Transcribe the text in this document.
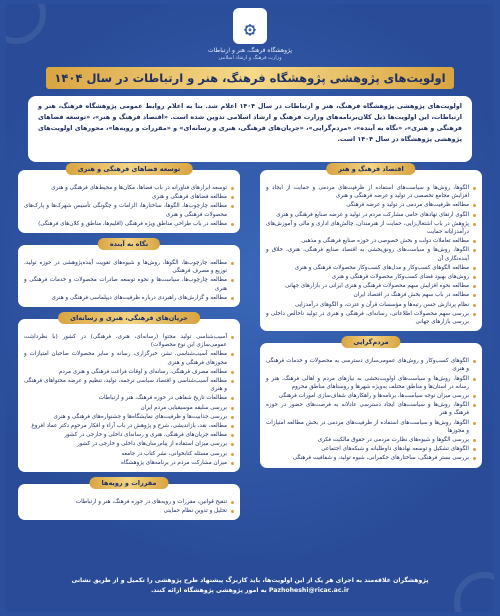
۞
پژوهشگاه فرهنگ، هنر و ارتباطات
وزارت فرهنگ و ارشاد اسلامی
اولویت‌های پژوهشی پژوهشگاه فرهنگ، هنر و ارتباطات در سال ۱۴۰۴
اولویت‌های پژوهشی پژوهشگاه فرهنگ، هنر و ارتباطات در سال ۱۴۰۴ اعلام شد. بنا به اعلام روابط عمومی پژوهشگاه فرهنگ، هنر و ارتباطات، این اولویت‌ها ذیل کلان‌برنامه‌های وزارت فرهنگ و ارشاد اسلامی تدوین شده است. «اقتصاد فرهنگ و هنر»، «توسعه فضاهای فرهنگی و هنری»، «نگاه به آینده»، «مردم‌گرایی»، «جریان‌های فرهنگی، هنری و رسانه‌ای» و «مقررات و رویه‌ها»، محورهای اولویت‌های پژوهشی پژوهشگاه در سال ۱۴۰۴ است.
اقتصاد فرهنگ و هنر
الگوها، روش‌ها و سیاست‌های استفاده از ظرفیت‌های مردمی و حمایت از ایجاد و افزایش مجامع تخصصی در تولید و عرضه فرهنگی و هنری
مطالعه ظرفیت‌های مردمی در تولید و عرضه فرهنگی
الگوی ارتقای نهادهای حامی مشارکت مردم در تولید و عرضه صنایع فرهنگی و هنری
پژوهش در باب اشتغال‌زایی، حمایت از هنرمندان، چالش‌های اداری و مالی و آموزش‌های درآمدزایانه حمایت
مطالعه تعاملات دولت و بخش خصوصی در حوزه صنایع فرهنگی و مذهبی
الگوها، روش‌ها و سیاست‌های رونق‌بخشی به اقتصاد صنایع فرهنگی، هنری، خلاق و آینده‌نگاری آن
مطالعه الگوهای کسب‌وکار و مدل‌های کسب‌وکار محصولات فرهنگی و هنری
روش‌های بهبود فضای کسب‌وکار محصولات فرهنگی و هنری
مطالعه نحوه افزایش سهم محصولات فرهنگی و هنری ایرانی در بازارهای جهانی
مطالعه در باب سهم بخش فرهنگ در اقتصاد ایران
نظام پردازش حسن رتبه‌ها و مؤسسات قرآن و عترت، و الگوهای درآمدزایی
بررسی سهم محصولات اطلاعاتی، رسانه‌ای، فرهنگی و هنری در تولید ناخالص داخلی و بررسی بازارهای جهانی
مردم‌گرایی
الگوهای کسب‌وکار و روش‌های عمومی‌سازی دسترسی به محصولات و خدمات فرهنگی و هنری
الگوها، روش‌ها و سیاست‌های اولویت‌بخشی به نیازهای مردم و اهالی فرهنگ، هنر و رسانه در استان‌ها و مناطق مختلف به‌ویژه شهرها و روستاهای مناطق محروم
بررسی میزان توجه سیاست‌ها، برنامه‌ها و راهکارهای شفاف‌سازی امورات فرهنگی
الگوها، روش‌ها و سیاست‌های ایجاد دسترسی عادلانه به فرصت‌های حضور در حوزه فرهنگ و هنر
الگوها، روش‌ها و سیاست‌های استفاده از ظرفیت‌های مردمی در بخش مطالعه امتیازات و مجوزها
بررسی الگوها و شیوه‌های نظارت مردمی در حقوق مالکیت فکری
الگوهای تشکیل و توسعه نهادهای داوطلبانه و شبکه‌های اجتماعی
بررسی بستر فرهنگی، ساختارهای حکمرانی، شیوه‌ تولید، و شفافیت فرهنگی
توسعه فضاهای فرهنگی و هنری
توسعه ابزارهای فناورانه در باب فضاها، مکان‌ها و محیط‌های فرهنگی و هنری
مطالعه فضاهای فرهنگی و هنری
مطالعه چارچوب‌ها، الگوها، ساختارها، الزامات و چگونگی تأسیس شهرک‌ها و پارک‌های محصولات فرهنگی و هنری
مطالعه در باب طراحی مناطق ویژه فرهنگی (اقلیم‌ها، مناطق و کلان‌های فرهنگی)
نگاه به آینده
مطالعه چارچوب‌ها، الگوها، روش‌ها و شیوه‌های تقویت آینده‌پژوهشی در حوزه تولید، توزیع و مصرف فرهنگی
مطالعه چارچوب‌ها، سیاست‌ها و نحوه توسعه صادرات محصولات و خدمات فرهنگی و هنری
مطالعه و گزارش‌های راهبردی درباره ظرفیت‌های دیپلماسی فرهنگی و هنری
جریان‌های فرهنگی، هنری و رسانه‌ای
آسیب‌شناسی تولید محتوا (رسانه‌ای، هنری، فرهنگی) در کشور (با نظرداشت عمومی‌سازی این نوع محصولات)
مطالعه آسیب‌شناسی، نشر، خبرگزاری، رسانه و سایر محصولات صاحبان امتیازات و مجوزهای فرهنگی و هنری
مطالعه مصرف فرهنگی، رسانه‌ای و اوقات فراغت فرهنگی و هنری مردم
مطالعه آسیب‌شناسی و اقتصاد سیاسی ترجمه، تولید، تنظیم و عرضه محتواهای فرهنگی و هنری
مطالعات تاریخ شفاهی در حوزه فرهنگ، هنر و ارتباطات
بررسی سلیقه موسیقیایی مردم ایران
بررسی جذابیت‌ها و ظرفیت‌های نمایشگاه‌ها و جشنواره‌های فرهنگی و هنری
مطالعه، نقد، بازاندیشی، شرح و پژوهش در باب آراء و افکار مرحوم دکتر عماد افروغ
مطالعه جریان‌های فرهنگی، هنری و رسانه‌ای داخلی و خارجی در کشور
بررسی میزان استفاده از پیام‌رسان‌های داخلی و خارجی در کشور
بررسی مسئله کتابخوانی، نشر کتاب در جامعه
میزان مشارکت مردم در برنامه‌های پژوهشگاه
مقررات و رویه‌ها
تنقیح قوانین، مقررات و رویه‌های در حوزه فرهنگ، هنر و ارتباطات
تحلیل و تدوین نظام حمایتی
پژوهشگران علاقه‌مند به اجرای هر یک از این اولویت‌ها، باید کاربرگ پیشنهاد طرح پژوهشی را تکمیل و از طریق نشانی
Pazhoheshi@ricac.ac.ir به امور پژوهشی پژوهشگاه ارائه کنند.
